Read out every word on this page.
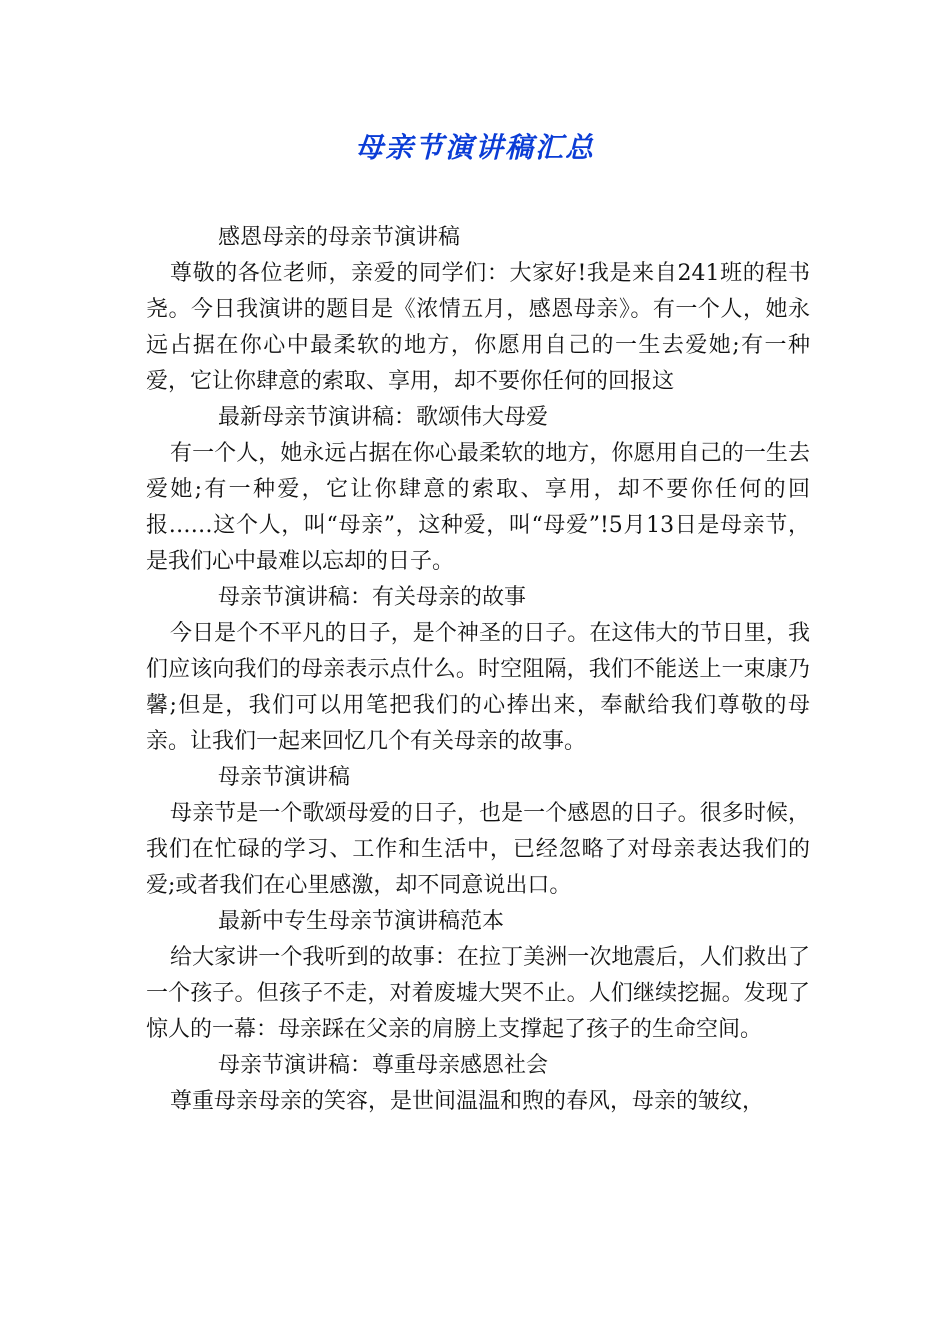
母亲节演讲稿汇总

感恩母亲的母亲节演讲稿

尊敬的各位老师，亲爱的同学们：大家好!我是来自241班的程书尧。今日我演讲的题目是《浓情五月，感恩母亲》。有一个人，她永远占据在你心中最柔软的地方，你愿用自己的一生去爱她;有一种爱，它让你肆意的索取、享用，却不要你任何的回报这

最新母亲节演讲稿：歌颂伟大母爱

有一个人，她永远占据在你心最柔软的地方，你愿用自己的一生去爱她;有一种爱，它让你肆意的索取、享用，却不要你任何的回报……这个人，叫“母亲”，这种爱，叫“母爱”!5月13日是母亲节，是我们心中最难以忘却的日子。

母亲节演讲稿：有关母亲的故事

今日是个不平凡的日子，是个神圣的日子。在这伟大的节日里，我们应该向我们的母亲表示点什么。时空阻隔，我们不能送上一束康乃馨;但是，我们可以用笔把我们的心捧出来，奉献给我们尊敬的母亲。让我们一起来回忆几个有关母亲的故事。

母亲节演讲稿

母亲节是一个歌颂母爱的日子，也是一个感恩的日子。很多时候，我们在忙碌的学习、工作和生活中，已经忽略了对母亲表达我们的爱;或者我们在心里感激，却不同意说出口。

最新中专生母亲节演讲稿范本

给大家讲一个我听到的故事：在拉丁美洲一次地震后，人们救出了一个孩子。但孩子不走，对着废墟大哭不止。人们继续挖掘。发现了惊人的一幕：母亲踩在父亲的肩膀上支撑起了孩子的生命空间。

母亲节演讲稿：尊重母亲感恩社会

尊重母亲母亲的笑容，是世间温温和煦的春风，母亲的皱纹，
